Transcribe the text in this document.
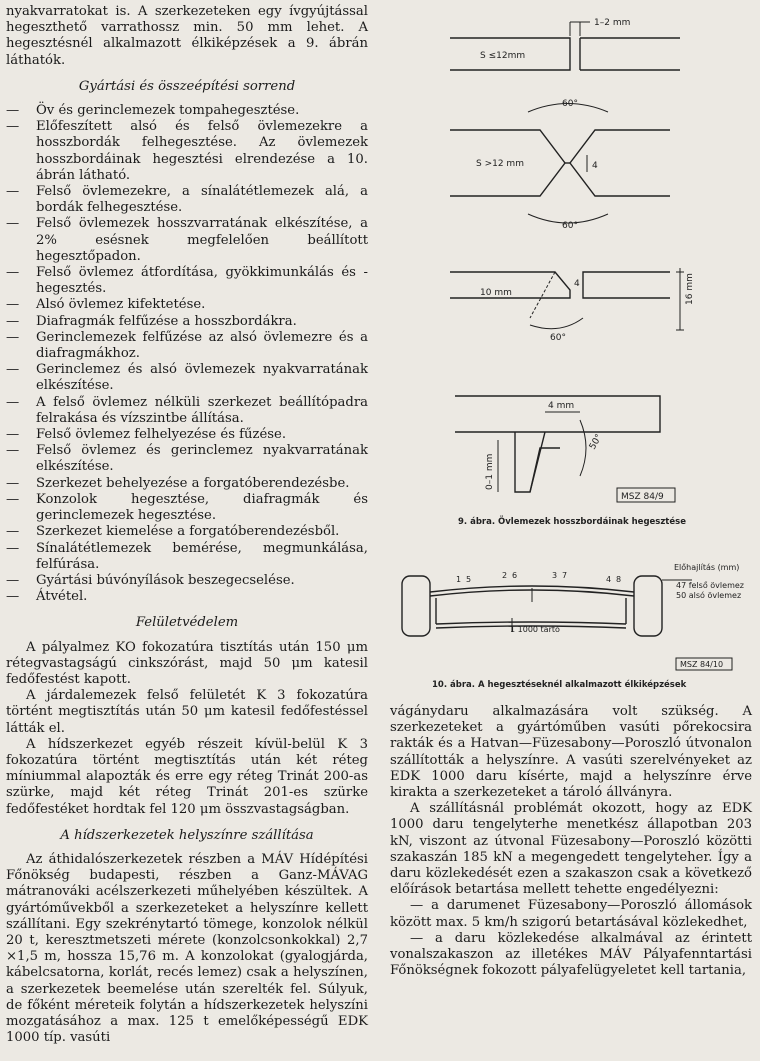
nyakvarratokat is. A szerkezeteken egy ívgyújtással hegeszthető varrathossz min. 50 mm lehet. A hegesztésnél alkalmazott élkiképzések a 9. ábrán láthatók.

Gyártási és összeépítési sorrend
— Öv és gerinclemezek tompahegesztése.
— Előfeszített alsó és felső övlemezekre a hosszbordák felhegesztése. Az övlemezek hosszbordáinak hegesztési elrendezése a 10. ábrán látható.
— Felső övlemezekre, a sínalátétlemezek alá, a bordák felhegesztése.
— Felső övlemezek hosszvarratának elkészítése, a 2% esésnek megfelelően beállított hegesztőpadon.
— Felső övlemez átfordítása, gyökkimunkálás és -hegesztés.
— Alsó övlemez kifektetése.
— Diafragmák felfűzése a hosszbordákra.
— Gerinclemezek felfűzése az alsó övlemezre és a diafragmákhoz.
— Gerinclemez és alsó övlemezek nyakvarratának elkészítése.
— A felső övlemez nélküli szerkezet beállítópadra felrakása és vízszintbe állítása.
— Felső övlemez felhelyezése és fűzése.
— Felső övlemez és gerinclemez nyakvarratának elkészítése.
— Szerkezet behelyezése a forgatóberendezésbe.
— Konzolok hegesztése, diafragmák és gerinclemezek hegesztése.
— Szerkezet kiemelése a forgatóberendezésből.
— Sínalátétlemezek bemérése, megmunkálása, felfúrása.
— Gyártási búvónyílások beszegecselése.
— Átvétel.
Felületvédelem

A pályalmez KO fokozatúra tisztítás után 150 μm rétegvastagságú cinkszórást, majd 50 μm katesil fedőfestést kapott.

A járdalemezek felső felületét K 3 fokozatúra történt megtisztítás után 50 μm katesil fedőfestéssel látták el.

A hídszerkezet egyéb részeit kívül-belül K 3 fokozatúra történt megtisztítás után két réteg míniummal alapozták és erre egy réteg Trinát 200-as szürke, majd két réteg Trinát 201-es szürke fedőfestéket hordtak fel 120 μm összvastagságban.

A hídszerkezetek helyszínre szállítása

Az áthidalószerkezetek részben a MÁV Hídépítési Főnökség budapesti, részben a Ganz-MÁVAG mátranováki acélszerkezeti műhelyében készültek. A gyártóművekből a szerkezeteket a helyszínre kellett szállítani. Egy szekrénytartó tömege, konzolok nélkül 20 t, keresztmetszeti mérete (konzolcsonkokkal) 2,7 ×1,5 m, hossza 15,76 m. A konzolokat (gyalogjárda, kábelcsatorna, korlát, recés lemez) csak a helyszínen, a szerkezetek beemelése után szerelték fel. Súlyuk, de főként méreteik folytán a hídszerkezetek helyszíni mozgatásához a max. 125 t emelőképességű EDK 1000 típ. vasúti

1–2 mm
S ≤12mm
60°
S >12 mm	4
60°
10 mm
4	16 mm
60°
4 mm
0–1 mm
50°
MSZ 84/9
9. ábra. Övlemezek hosszbordáinak hegesztése
1 5	2 6	3 7	4 8
Előhajlítás (mm)
47 felső övlemez
50 alsó övlemez
1 1000 tartó
MSZ 84/10
10. ábra. A hegesztéseknél alkalmazott élkiképzések

vágánydaru alkalmazására volt szükség. A szerkezeteket a gyártóműben vasúti pőrekocsira rakták és a Hatvan—Füzesabony—Poroszló útvonalon szállították a helyszínre. A vasúti szerelvényeket az EDK 1000 daru kísérte, majd a helyszínre érve kirakta a szerkezeteket a tároló állványra.

A szállításnál problémát okozott, hogy az EDK 1000 daru tengelyterhe menetkész állapotban 203 kN, viszont az útvonal Füzesabony—Poroszló közötti szakaszán 185 kN a megengedett tengelyteher. Így a daru közlekedését ezen a szakaszon csak a következő előírások betartása mellett tehette engedélyezni:

— a darumenet Füzesabony—Poroszló állomások között max. 5 km/h szigorú betartásával közlekedhet,

— a daru közlekedése alkalmával az érintett vonalszakaszon az illetékes MÁV Pályafenntartási Főnökségnek fokozott pályafelügyeletet kell tartania,
